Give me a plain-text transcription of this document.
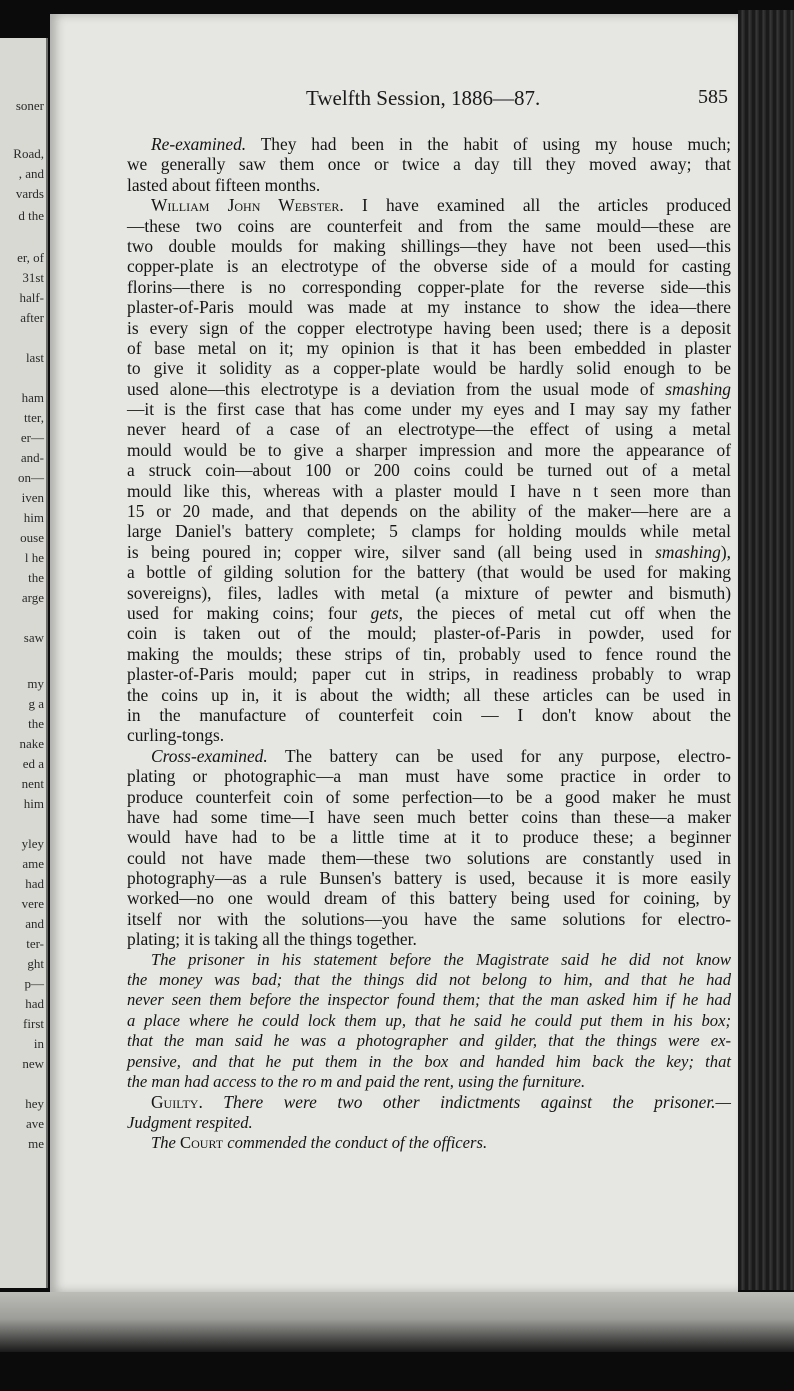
soner
Road,
, and
vards
d the
er, of
31st
half-
after
last
ham
tter,
er—
and-
on—
iven
him
ouse
l he
the
arge
saw
my
g a
the
nake
ed a
nent
him
yley
ame
had
vere
and
ter-
ght
p—
had
first
in
new
hey
ave
me
Twelfth Session, 1886—87.	585
Re-examined. They had been in the habit of using my house much;
we generally saw them once or twice a day till they moved away; that
lasted about fifteen months.
William John Webster. I have examined all the articles produced
—these two coins are counterfeit and from the same mould—these are
two double moulds for making shillings—they have not been used—this
copper-plate is an electrotype of the obverse side of a mould for casting
florins—there is no corresponding copper-plate for the reverse side—this
plaster-of-Paris mould was made at my instance to show the idea—there
is every sign of the copper electrotype having been used; there is a deposit
of base metal on it; my opinion is that it has been embedded in plaster
to give it solidity as a copper-plate would be hardly solid enough to be
used alone—this electrotype is a deviation from the usual mode of smashing
—it is the first case that has come under my eyes and I may say my father
never heard of a case of an electrotype—the effect of using a metal
mould would be to give a sharper impression and more the appearance of
a struck coin—about 100 or 200 coins could be turned out of a metal
mould like this, whereas with a plaster mould I have n t seen more than
15 or 20 made, and that depends on the ability of the maker—here are a
large Daniel's battery complete; 5 clamps for holding moulds while metal
is being poured in; copper wire, silver sand (all being used in smashing),
a bottle of gilding solution for the battery (that would be used for making
sovereigns), files, ladles with metal (a mixture of pewter and bismuth)
used for making coins; four gets, the pieces of metal cut off when the
coin is taken out of the mould; plaster-of-Paris in powder, used for
making the moulds; these strips of tin, probably used to fence round the
plaster-of-Paris mould; paper cut in strips, in readiness probably to wrap
the coins up in, it is about the width; all these articles can be used in
in the manufacture of counterfeit coin — I don't know about the
curling-tongs.
Cross-examined. The battery can be used for any purpose, electro-
plating or photographic—a man must have some practice in order to
produce counterfeit coin of some perfection—to be a good maker he must
have had some time—I have seen much better coins than these—a maker
would have had to be a little time at it to produce these; a beginner
could not have made them—these two solutions are constantly used in
photography—as a rule Bunsen's battery is used, because it is more easily
worked—no one would dream of this battery being used for coining, by
itself nor with the solutions—you have the same solutions for electro-
plating; it is taking all the things together.
The prisoner in his statement before the Magistrate said he did not know
the money was bad; that the things did not belong to him, and that he had
never seen them before the inspector found them; that the man asked him if he had
a place where he could lock them up, that he said he could put them in his box;
that the man said he was a photographer and gilder, that the things were ex-
pensive, and that he put them in the box and handed him back the key; that
the man had access to the ro m and paid the rent, using the furniture.
Guilty. There were two other indictments against the prisoner.—
Judgment respited.
The Court commended the conduct of the officers.
